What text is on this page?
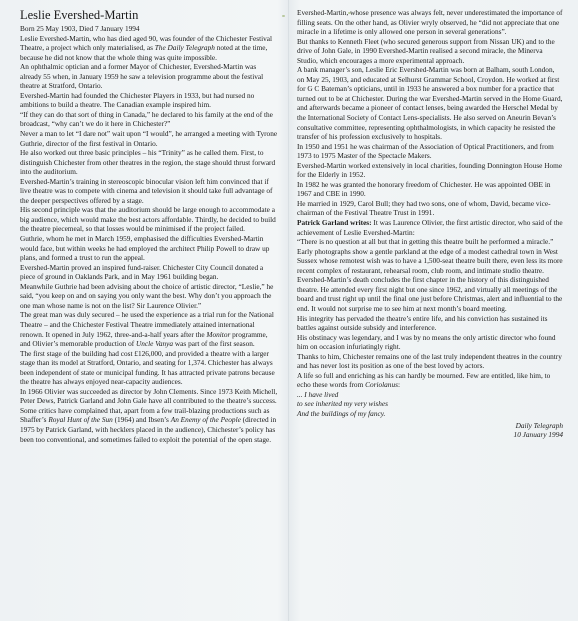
Leslie Evershed-Martin

Born 25 May 1903, Died 7 January 1994

Leslie Evershed-Martin, who has died aged 90, was founder of the Chichester Festival Theatre, a project which only materialised, as The Daily Telegraph noted at the time, because he did not know that the whole thing was quite impossible.

An ophthalmic optician and a former Mayor of Chichester, Evershed-Martin was already 55 when, in January 1959 he saw a television programme about the festival theatre at Stratford, Ontario.

Evershed-Martin had founded the Chichester Players in 1933, but had nursed no ambitions to build a theatre. The Canadian example inspired him.

“If they can do that sort of thing in Canada,” he declared to his family at the end of the broadcast, “why can’t we do it here in Chichester?”

Never a man to let “I dare not” wait upon “I would”, he arranged a meeting with Tyrone Guthrie, director of the first festival in Ontario.

He also worked out three basic principles – his “Trinity” as he called them. First, to distinguish Chichester from other theatres in the region, the stage should thrust forward into the auditorium.

Evershed-Martin’s training in stereoscopic binocular vision left him convinced that if live theatre was to compete with cinema and television it should take full advantage of the deeper perspectives offered by a stage.

His second principle was that the auditorium should be large enough to accommodate a big audience, which would make the best actors affordable. Thirdly, he decided to build the theatre piecemeal, so that losses would be minimised if the project failed.

Guthrie, whom he met in March 1959, emphasised the difficulties Evershed-Martin would face, but within weeks he had employed the architect Philip Powell to draw up plans, and formed a trust to run the appeal.

Evershed-Martin proved an inspired fund-raiser. Chichester City Council donated a piece of ground in Oaklands Park, and in May 1961 building began.

Meanwhile Guthrie had been advising about the choice of artistic director, “Leslie,” he said, “you keep on and on saying you only want the best. Why don’t you approach the one man whose name is not on the list? Sir Laurence Olivier.”

The great man was duly secured – he used the experience as a trial run for the National Theatre – and the Chichester Festival Theatre immediately attained international renown. It opened in July 1962, three-and-a-half years after the Monitor programme, and Olivier’s memorable production of Uncle Vanya was part of the first season.

The first stage of the building had cost £126,000, and provided a theatre with a larger stage than its model at Stratford, Ontario, and seating for 1,374. Chichester has always been independent of state or municipal funding. It has attracted private patrons because the theatre has always enjoyed near-capacity audiences.

In 1966 Olivier was succeeded as director by John Clements. Since 1973 Keith Michell, Peter Dews, Patrick Garland and John Gale have all contributed to the theatre’s success.

Some critics have complained that, apart from a few trail-blazing productions such as Shaffer’s Royal Hunt of the Sun (1964) and Ibsen’s An Enemy of the People (directed in 1975 by Patrick Garland, with hecklers placed in the audience), Chichester’s policy has been too conventional, and sometimes failed to exploit the potential of the open stage.

Evershed-Martin, whose presence was always felt, never underestimated the importance of filling seats. On the other hand, as Olivier wryly observed, he “did not appreciate that one miracle in a lifetime is only allowed one person in several generations”.

But thanks to Kenneth Fleet (who secured generous support from Nissan UK) and to the drive of John Gale, in 1990 Evershed-Martin realised a second miracle, the Minerva Studio, which encourages a more experimental approach.

A bank manager’s son, Leslie Eric Evershed-Martin was born at Balham, south London, on May 25, 1903, and educated at Selhurst Grammar School, Croydon. He worked at first for G C Bateman’s opticians, until in 1933 he answered a box number for a practice that turned out to be at Chichester. During the war Evershed-Martin served in the Home Guard, and afterwards became a pioneer of contact lenses, being awarded the Herschel Medal by the International Society of Contact Lens-specialists. He also served on Aneurin Bevan’s consultative committee, representing ophthalmologists, in which capacity he resisted the transfer of his profession exclusively to hospitals.

In 1950 and 1951 he was chairman of the Association of Optical Practitioners, and from 1973 to 1975 Master of the Spectacle Makers.

Evershed-Martin worked extensively in local charities, founding Donnington House Home for the Elderly in 1952.

In 1982 he was granted the honorary freedom of Chichester. He was appointed OBE in 1967 and CBE in 1990.

He married in 1929, Carol Bull; they had two sons, one of whom, David, became vice-chairman of the Festival Theatre Trust in 1991.

Patrick Garland writes: It was Laurence Olivier, the first artistic director, who said of the achievement of Leslie Evershed-Martin:

“There is no question at all but that in getting this theatre built he performed a miracle.”

Early photographs show a gentle parkland at the edge of a modest cathedral town in West Sussex whose remotest wish was to have a 1,500-seat theatre built there, even less its more recent complex of restaurant, rehearsal room, club room, and intimate studio theatre.

Evershed-Martin’s death concludes the first chapter in the history of this distinguished theatre. He attended every first night but one since 1962, and virtually all meetings of the board and trust right up until the final one just before Christmas, alert and influential to the end. It would not surprise me to see him at next month’s board meeting.

His integrity has pervaded the theatre’s entire life, and his conviction has sustained its battles against outside subsidy and interference.

His obstinacy was legendary, and I was by no means the only artistic director who found him on occasion infuriatingly right.

Thanks to him, Chichester remains one of the last truly independent theatres in the country and has never lost its position as one of the best loved by actors.

A life so full and enriching as his can hardly be mourned. Few are entitled, like him, to echo these words from Coriolanus:

... I have lived

to see inherited my very wishes

And the buildings of my fancy.

Daily Telegraph

10 January 1994
